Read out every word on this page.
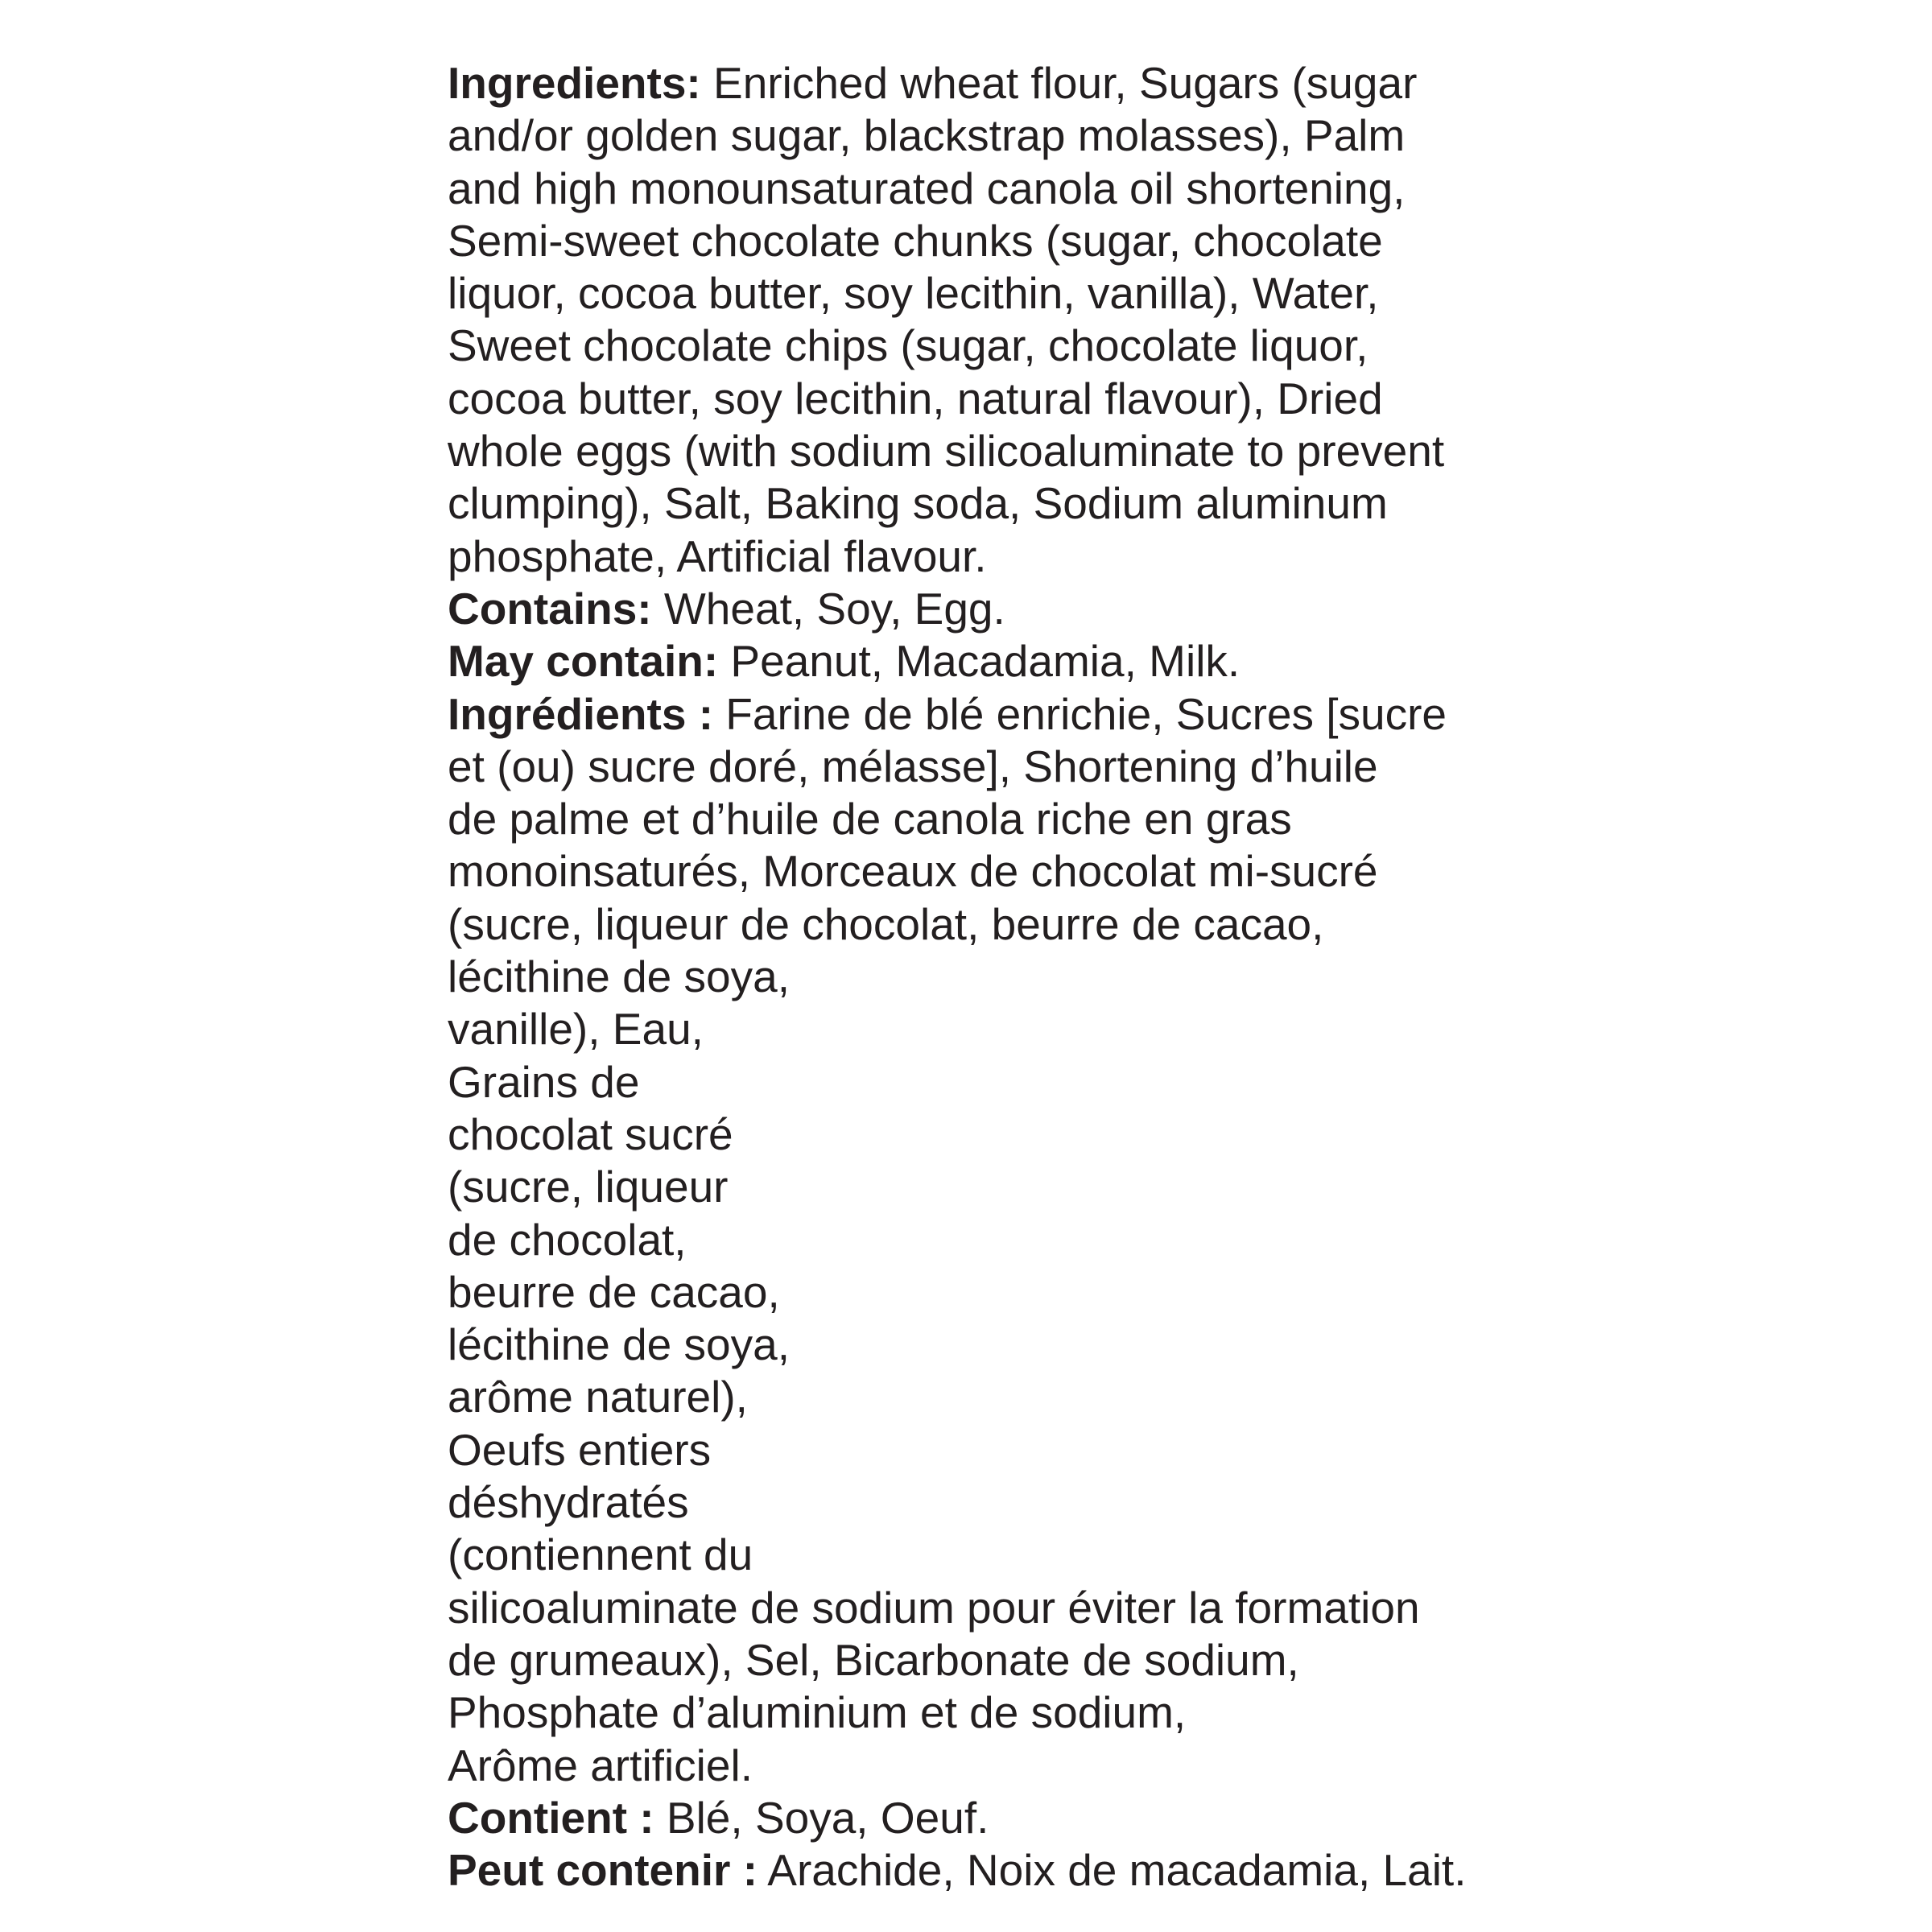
Ingredients: Enriched wheat flour, Sugars (sugar
and/or golden sugar, blackstrap molasses), Palm
and high monounsaturated canola oil shortening,
Semi-sweet chocolate chunks (sugar, chocolate
liquor, cocoa butter, soy lecithin, vanilla), Water,
Sweet chocolate chips (sugar, chocolate liquor,
cocoa butter, soy lecithin, natural flavour), Dried
whole eggs (with sodium silicoaluminate to prevent
clumping), Salt, Baking soda, Sodium aluminum
phosphate, Artificial flavour.
Contains: Wheat, Soy, Egg.
May contain: Peanut, Macadamia, Milk.
Ingrédients : Farine de blé enrichie, Sucres [sucre
et (ou) sucre doré, mélasse], Shortening d’huile
de palme et d’huile de canola riche en gras
monoinsaturés, Morceaux de chocolat mi-sucré
(sucre, liqueur de chocolat, beurre de cacao,
lécithine de soya,
vanille), Eau,
Grains de
chocolat sucré
(sucre, liqueur
de chocolat,
beurre de cacao,
lécithine de soya,
arôme naturel),
Oeufs entiers
déshydratés
(contiennent du
silicoaluminate de sodium pour éviter la formation
de grumeaux), Sel, Bicarbonate de sodium,
Phosphate d’aluminium et de sodium,
Arôme artificiel.
Contient : Blé, Soya, Oeuf.
Peut contenir : Arachide, Noix de macadamia, Lait.
